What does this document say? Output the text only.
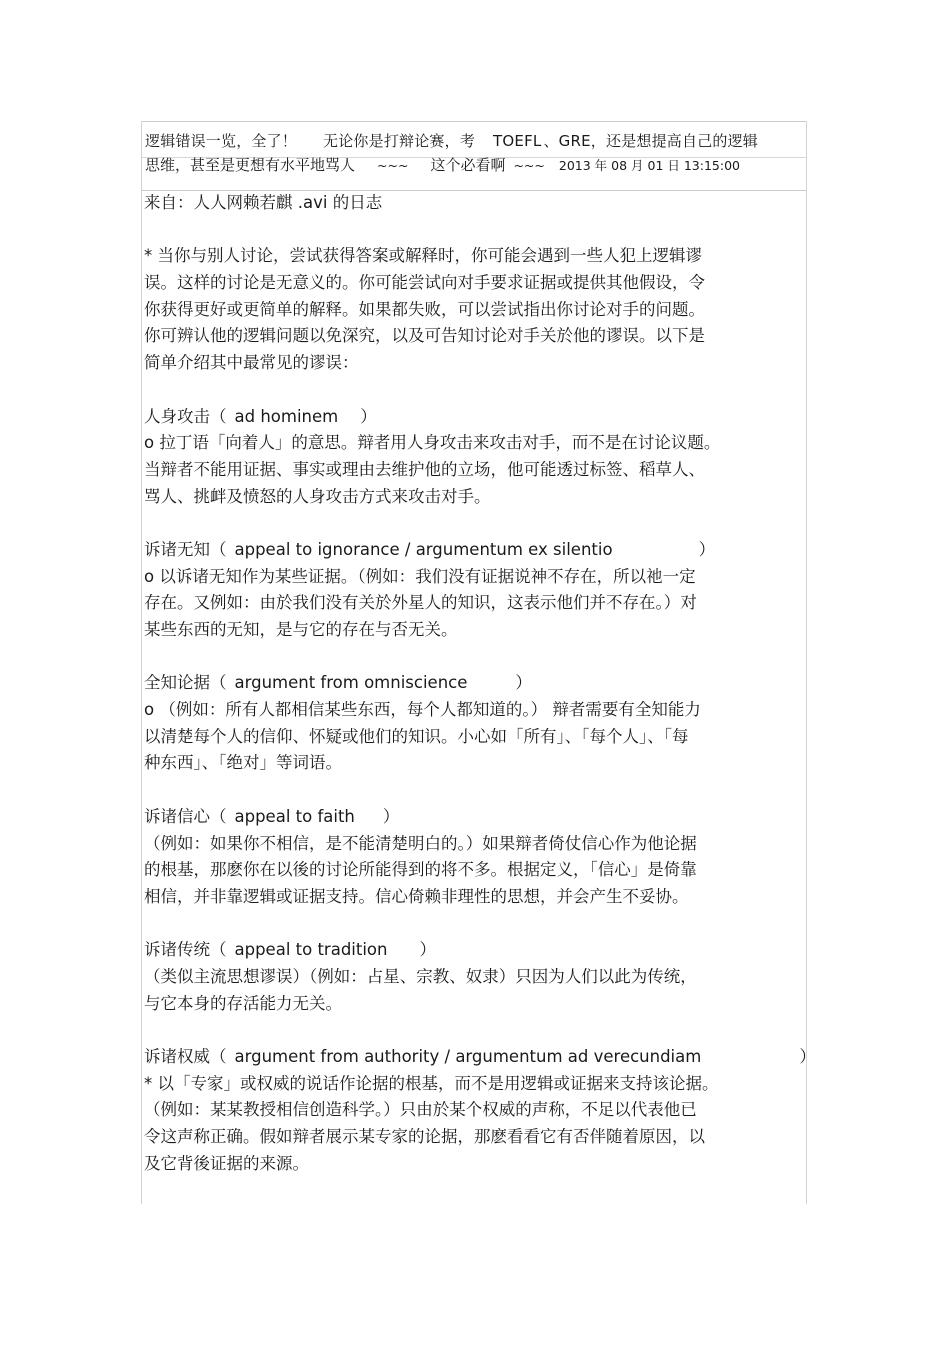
逻辑错误一览，全了！ 无论你是打辩论赛，考 TOEFL 、GRE，还是想提高自己的逻辑
思维，甚至是更想有水平地骂人 ~~~ 这个必看啊 ~~~ 2013 年 08 月 01 日 13:15:00
来自：人人网赖若麒 .avi 的日志
* 当你与别人讨论，尝试获得答案或解释时，你可能会遇到一些人犯上逻辑谬
误。这样的讨论是无意义的。你可能尝试向对手要求证据或提供其他假设，令
你获得更好或更简单的解释。如果都失败，可以尝试指出你讨论对手的问题。
你可辨认他的逻辑问题以免深究，以及可告知讨论对手关於他的谬误。以下是
简单介绍其中最常见的谬误：
人身攻击（ ad hominem ）
o 拉丁语「向着人」的意思。辩者用人身攻击来攻击对手，而不是在讨论议题。
当辩者不能用证据、事实或理由去维护他的立场，他可能透过标签、稻草人、
骂人、挑衅及愤怒的人身攻击方式来攻击对手。
诉诸无知（ appeal to ignorance / argumentum ex silentio	）
o 以诉诸无知作为某些证据。（例如：我们没有证据说神不存在，所以祂一定
存在。又例如：由於我们没有关於外星人的知识，这表示他们并不存在。）对
某些东西的无知，是与它的存在与否无关。
全知论据（ argument from omniscience	）
o （例如：所有人都相信某些东西，每个人都知道的。） 辩者需要有全知能力
以清楚每个人的信仰、怀疑或他们的知识。小心如「所有」、「每个人」、「每
种东西」、「绝对」等词语。
诉诸信心（ appeal to faith ）
（例如：如果你不相信，是不能清楚明白的。）如果辩者倚仗信心作为他论据
的根基，那麽你在以後的讨论所能得到的将不多。根据定义，「信心」是倚靠
相信，并非靠逻辑或证据支持。信心倚赖非理性的思想，并会产生不妥协。
诉诸传统（ appeal to tradition ）
（类似主流思想谬误）（例如：占星、宗教、奴隶）只因为人们以此为传统，
与它本身的存活能力无关。
诉诸权威（ argument from authority / argumentum ad verecundiam	）
* 以「专家」或权威的说话作论据的根基，而不是用逻辑或证据来支持该论据。
（例如：某某教授相信创造科学。）只由於某个权威的声称，不足以代表他已
令这声称正确。假如辩者展示某专家的论据，那麽看看它有否伴随着原因，以
及它背後证据的来源。
